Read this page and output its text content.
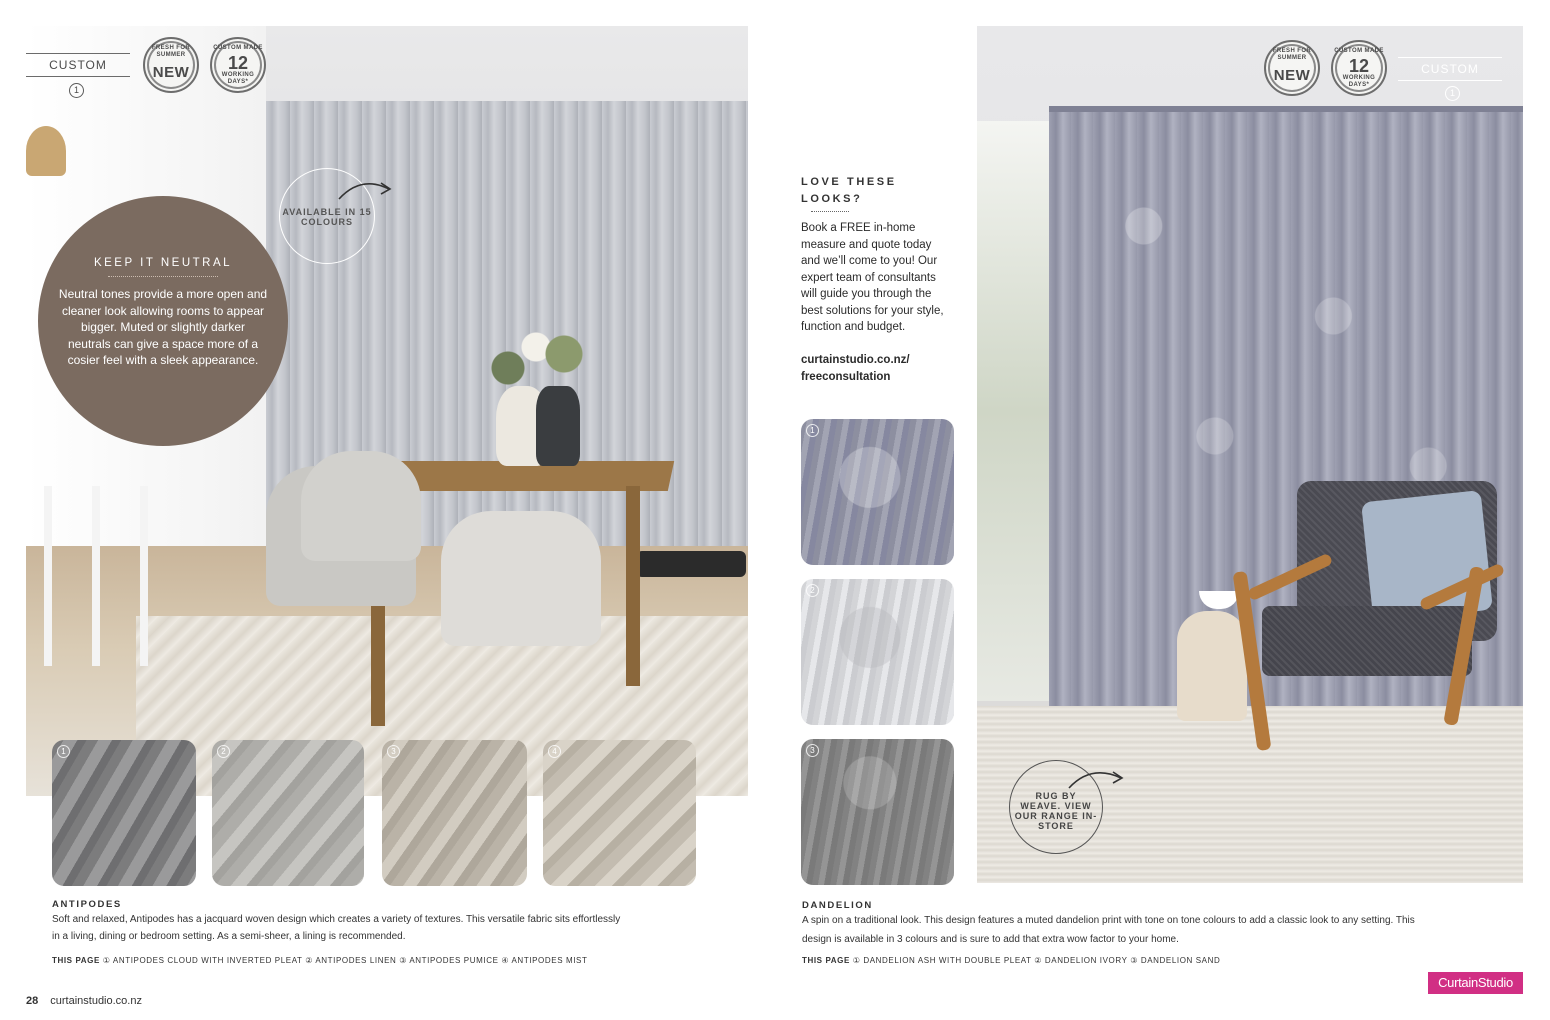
CUSTOM
1
FRESH FOR SUMMER
NEW
CUSTOM MADE
12
WORKING DAYS*
KEEP IT NEUTRAL
Neutral tones provide a more open and cleaner look allowing rooms to appear bigger. Muted or slightly darker neutrals can give a space more of a cosier feel with a sleek appearance.
AVAILABLE IN 15 COLOURS
1	2	3	4
ANTIPODES
Soft and relaxed, Antipodes has a jacquard woven design which creates a variety of textures. This versatile fabric sits effortlessly
in a living, dining or bedroom setting. As a semi-sheer, a lining is recommended.
THIS PAGE ① ANTIPODES CLOUD WITH INVERTED PLEAT ② ANTIPODES LINEN ③ ANTIPODES PUMICE ④ ANTIPODES MIST
28 curtainstudio.co.nz
LOVE THESE LOOKS?
Book a FREE in-home measure and quote today and we’ll come to you! Our expert team of consultants will guide you through the best solutions for your style, function and budget.
curtainstudio.co.nz/ freeconsultation
1
2
3
DANDELION
A spin on a traditional look. This design features a muted dandelion print with tone on tone colours to add a classic look to any setting. This
design is available in 3 colours and is sure to add that extra wow factor to your home.
THIS PAGE ① DANDELION ASH WITH DOUBLE PLEAT ② DANDELION IVORY ③ DANDELION SAND
FRESH FOR SUMMER
NEW
CUSTOM MADE
12
WORKING DAYS*
CUSTOM
1
RUG BY WEAVE. VIEW OUR RANGE IN-STORE
CurtainStudio
